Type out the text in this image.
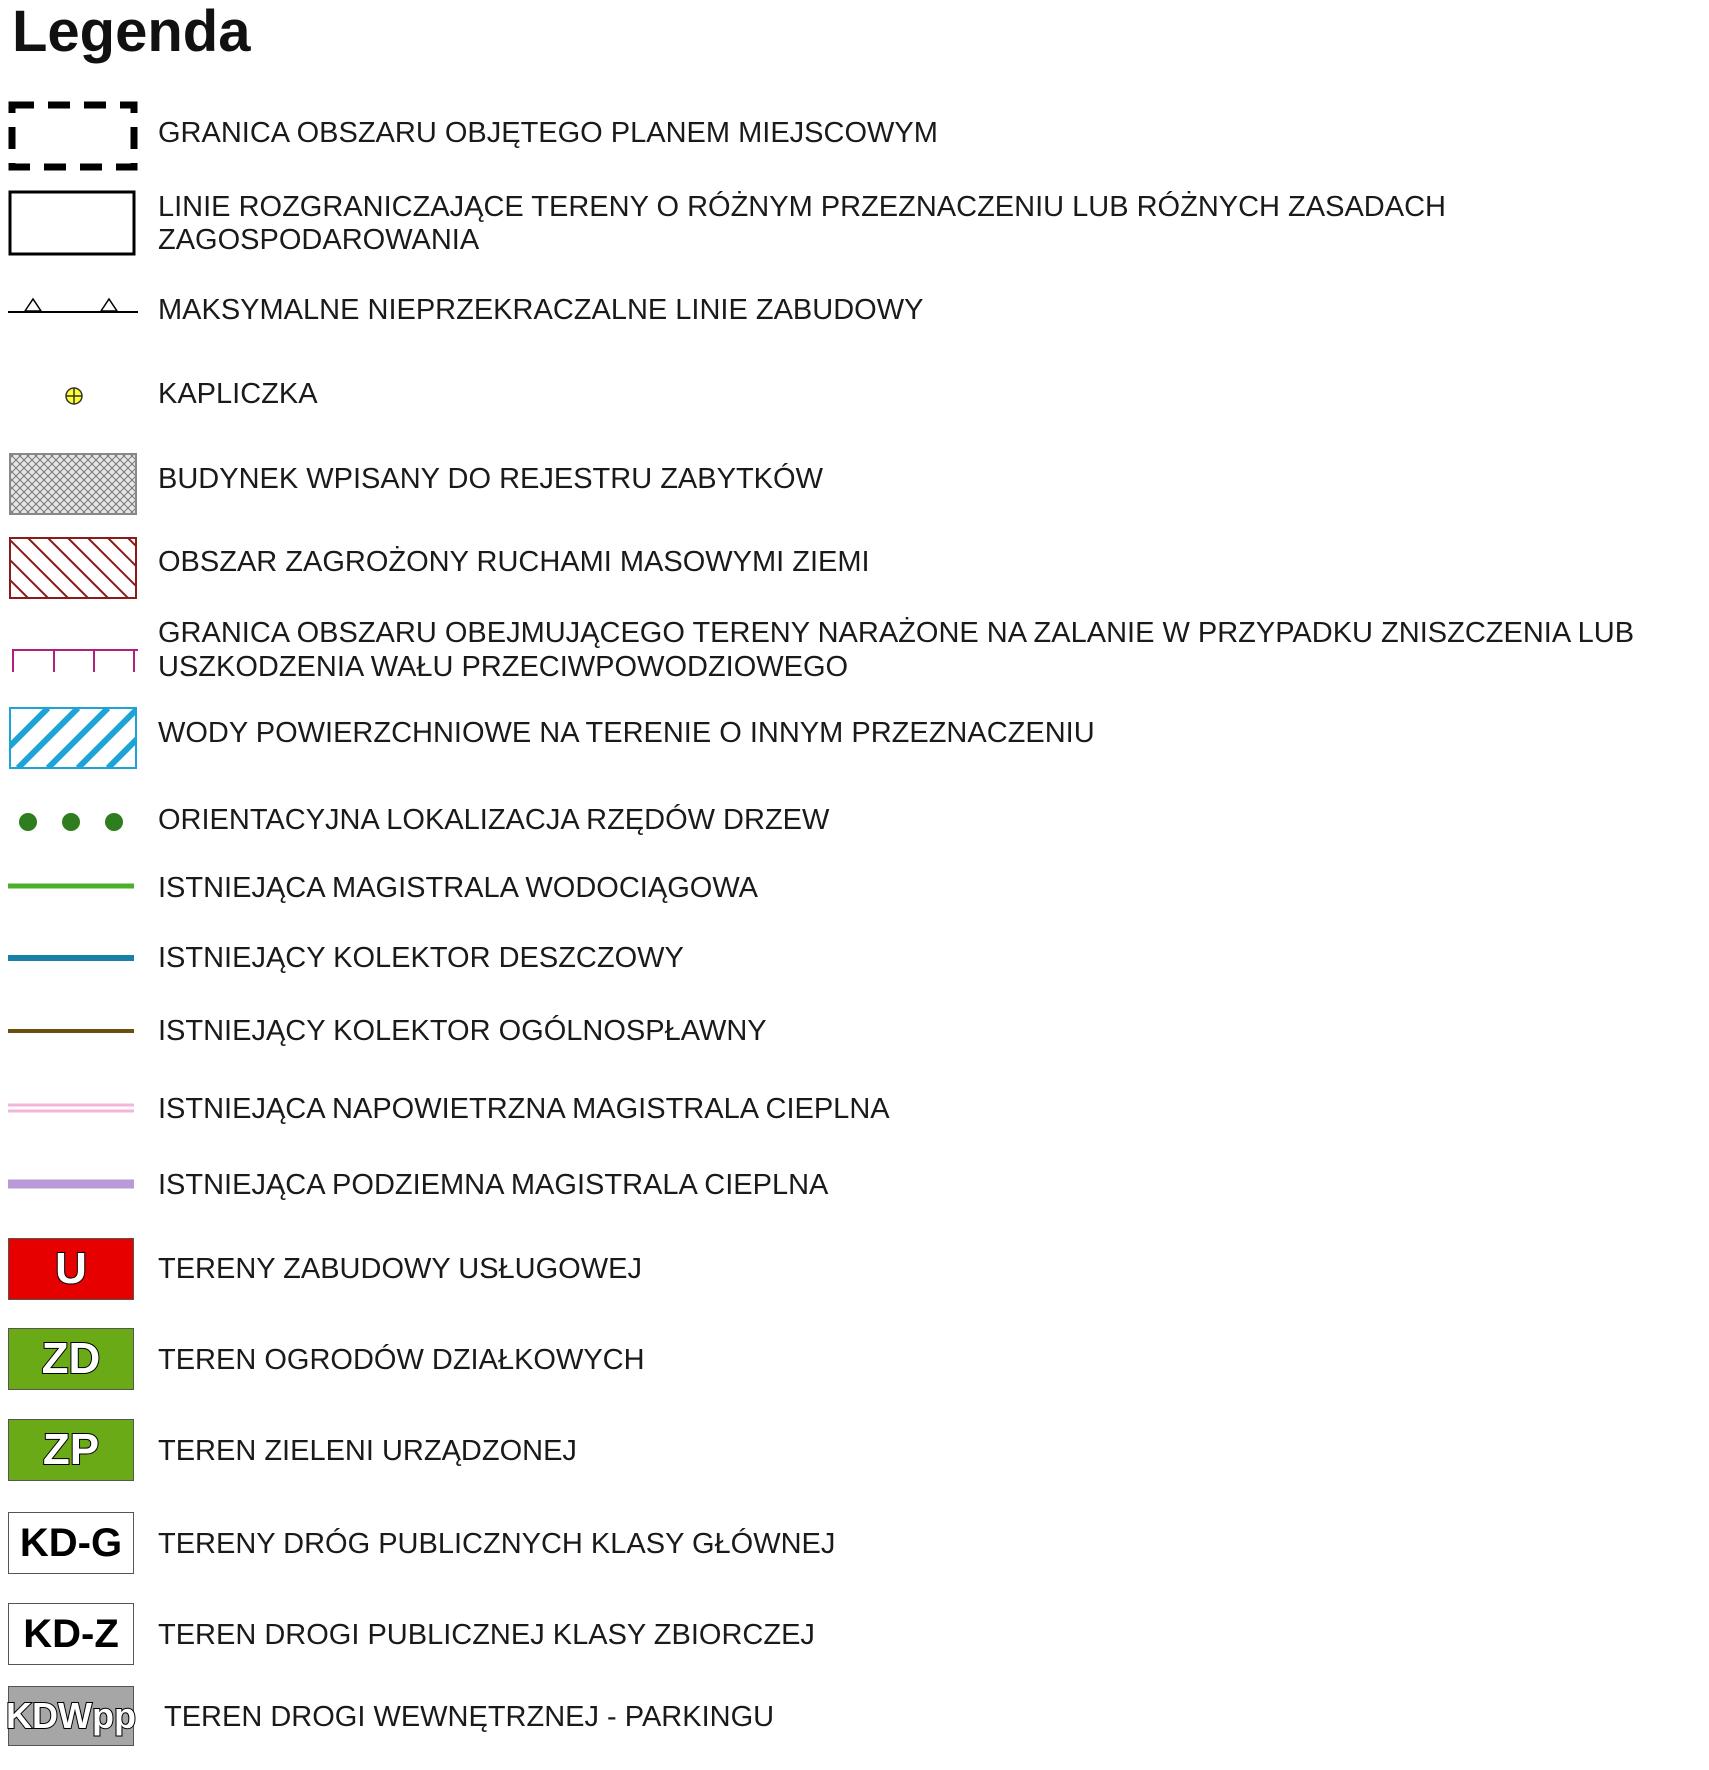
Legenda
GRANICA OBSZARU OBJĘTEGO PLANEM MIEJSCOWYM
LINIE ROZGRANICZAJĄCE TERENY O RÓŻNYM PRZEZNACZENIU LUB RÓŻNYCH ZASADACH
ZAGOSPODAROWANIA
MAKSYMALNE NIEPRZEKRACZALNE LINIE ZABUDOWY
KAPLICZKA
BUDYNEK WPISANY DO REJESTRU ZABYTKÓW
OBSZAR ZAGROŻONY RUCHAMI MASOWYMI ZIEMI
GRANICA OBSZARU OBEJMUJĄCEGO TERENY NARAŻONE NA ZALANIE W PRZYPADKU ZNISZCZENIA LUB
USZKODZENIA WAŁU PRZECIWPOWODZIOWEGO
WODY POWIERZCHNIOWE NA TERENIE O INNYM PRZEZNACZENIU
ORIENTACYJNA LOKALIZACJA RZĘDÓW DRZEW
ISTNIEJĄCA MAGISTRALA WODOCIĄGOWA
ISTNIEJĄCY KOLEKTOR DESZCZOWY
ISTNIEJĄCY KOLEKTOR OGÓLNOSPŁAWNY
ISTNIEJĄCA NAPOWIETRZNA MAGISTRALA CIEPLNA
ISTNIEJĄCA PODZIEMNA MAGISTRALA CIEPLNA
U TERENY ZABUDOWY USŁUGOWEJ
ZD TEREN OGRODÓW DZIAŁKOWYCH
ZP TEREN ZIELENI URZĄDZONEJ
KD-G TERENY DRÓG PUBLICZNYCH KLASY GŁÓWNEJ
KD-Z TEREN DROGI PUBLICZNEJ KLASY ZBIORCZEJ
KDWpp TEREN DROGI WEWNĘTRZNEJ - PARKINGU
